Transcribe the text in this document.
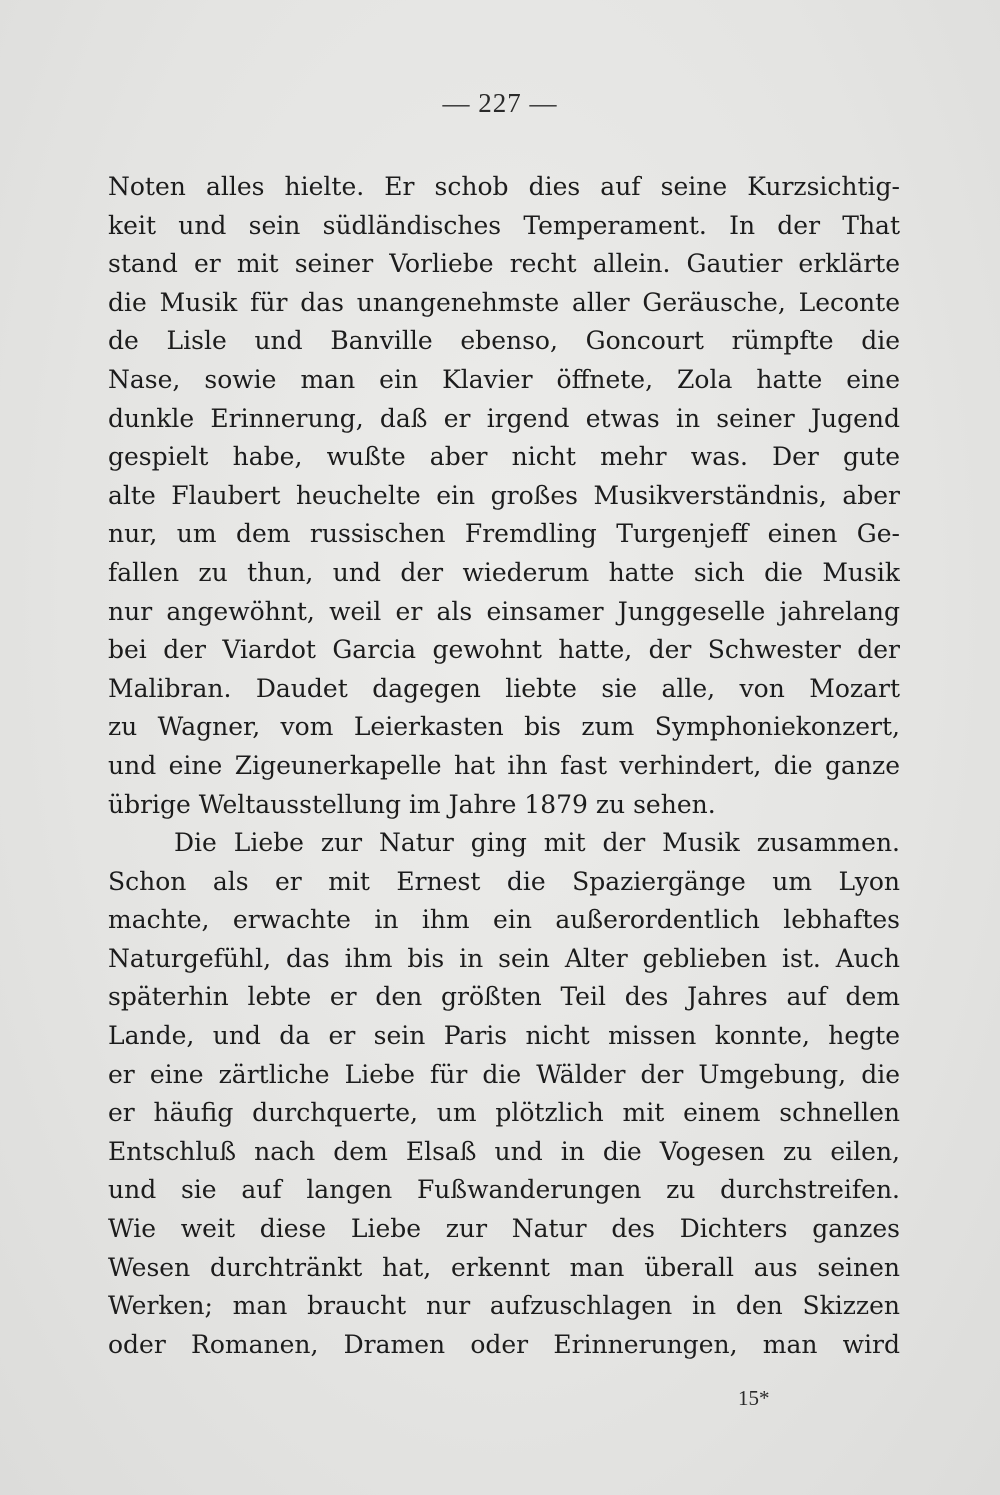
— 227 —
Noten alles hielte. Er schob dies auf seine Kurzsichtig-
keit und sein südländisches Temperament. In der That
stand er mit seiner Vorliebe recht allein. Gautier erklärte
die Musik für das unangenehmste aller Geräusche, Leconte
de Lisle und Banville ebenso, Goncourt rümpfte die
Nase, sowie man ein Klavier öffnete, Zola hatte eine
dunkle Erinnerung, daß er irgend etwas in seiner Jugend
gespielt habe, wußte aber nicht mehr was. Der gute
alte Flaubert heuchelte ein großes Musikverständnis, aber
nur, um dem russischen Fremdling Turgenjeff einen Ge-
fallen zu thun, und der wiederum hatte sich die Musik
nur angewöhnt, weil er als einsamer Junggeselle jahrelang
bei der Viardot Garcia gewohnt hatte, der Schwester der
Malibran. Daudet dagegen liebte sie alle, von Mozart
zu Wagner, vom Leierkasten bis zum Symphoniekonzert,
und eine Zigeunerkapelle hat ihn fast verhindert, die ganze
übrige Weltausstellung im Jahre 1879 zu sehen.
Die Liebe zur Natur ging mit der Musik zusammen.
Schon als er mit Ernest die Spaziergänge um Lyon
machte, erwachte in ihm ein außerordentlich lebhaftes
Naturgefühl, das ihm bis in sein Alter geblieben ist. Auch
späterhin lebte er den größten Teil des Jahres auf dem
Lande, und da er sein Paris nicht missen konnte, hegte
er eine zärtliche Liebe für die Wälder der Umgebung, die
er häufig durchquerte, um plötzlich mit einem schnellen
Entschluß nach dem Elsaß und in die Vogesen zu eilen,
und sie auf langen Fußwanderungen zu durchstreifen.
Wie weit diese Liebe zur Natur des Dichters ganzes
Wesen durchtränkt hat, erkennt man überall aus seinen
Werken; man braucht nur aufzuschlagen in den Skizzen
oder Romanen, Dramen oder Erinnerungen, man wird
15*
